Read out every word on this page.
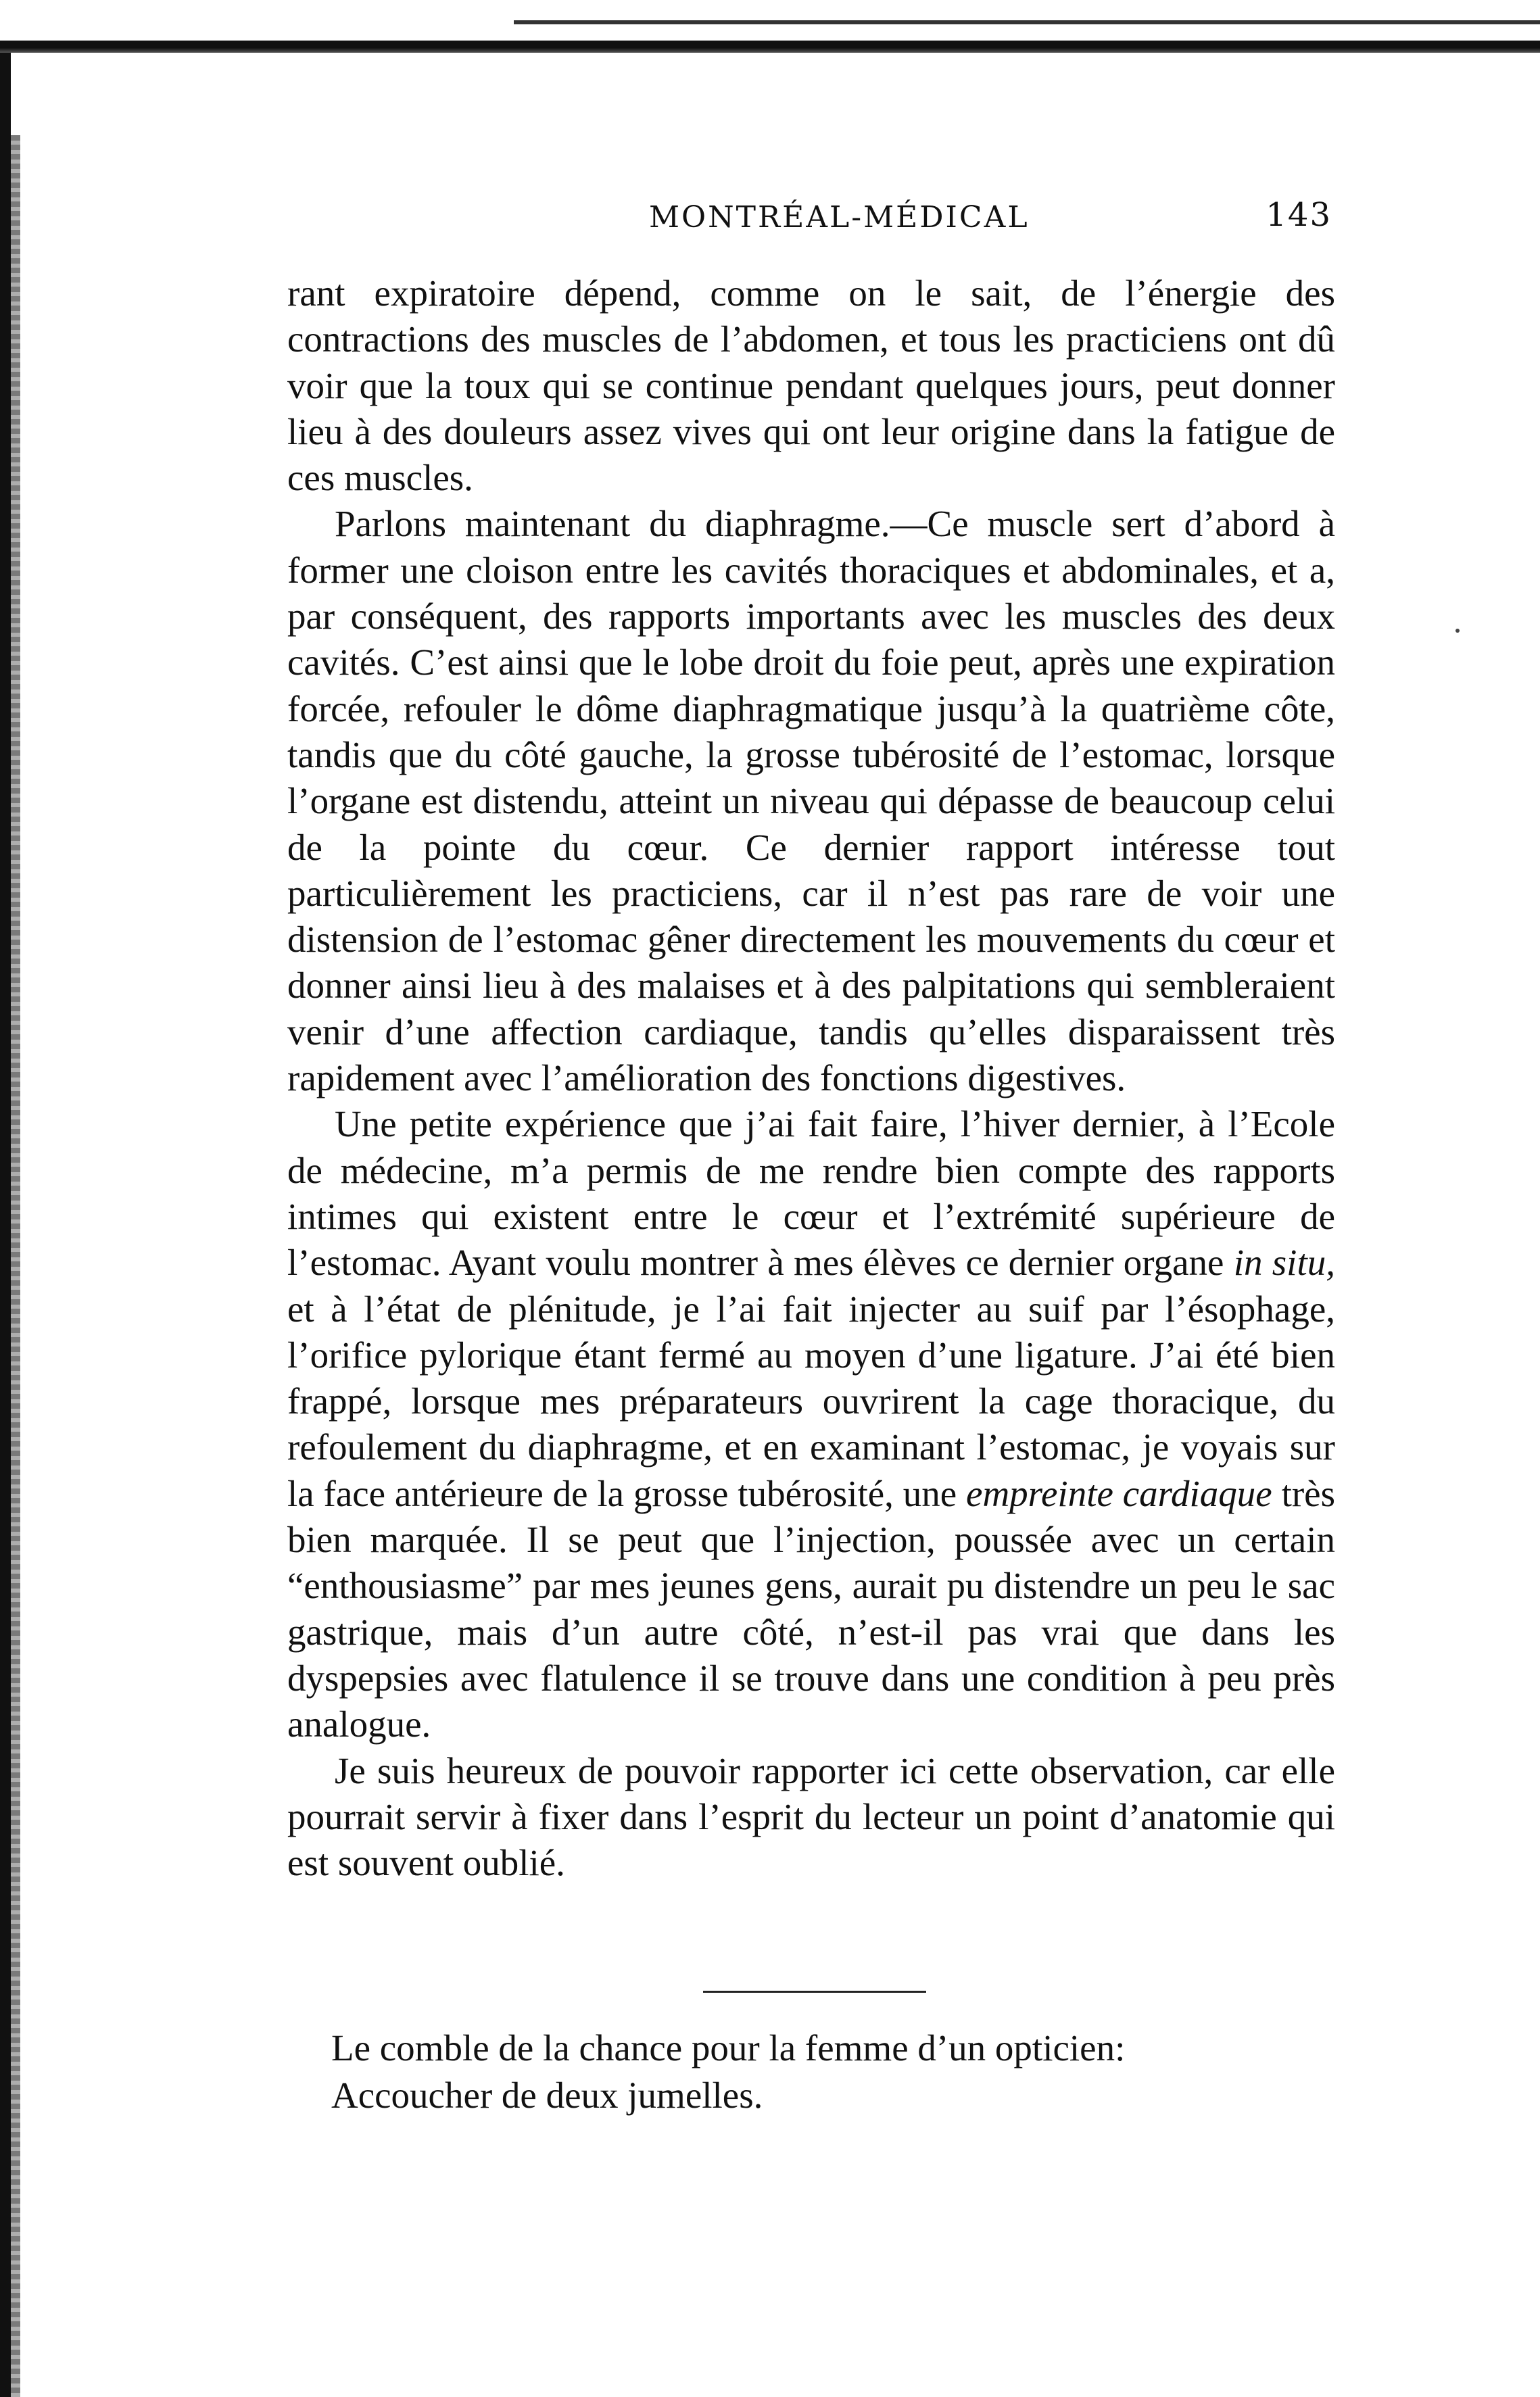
MONTRÉAL-MÉDICAL	143

rant expiratoire dépend, comme on le sait, de l’énergie des contractions des muscles de l’abdomen, et tous les practiciens ont dû voir que la toux qui se continue pendant quelques jours, peut donner lieu à des douleurs assez vives qui ont leur origine dans la fatigue de ces muscles.

Parlons maintenant du diaphragme.—Ce muscle sert d’abord à former une cloison entre les cavités thoraciques et abdominales, et a, par conséquent, des rapports importants avec les muscles des deux cavités. C’est ainsi que le lobe droit du foie peut, après une expiration forcée, refouler le dôme diaphragmatique jusqu’à la quatrième côte, tandis que du côté gauche, la grosse tubérosité de l’estomac, lorsque l’organe est distendu, atteint un niveau qui dépasse de beaucoup celui de la pointe du cœur. Ce dernier rapport intéresse tout particulièrement les practiciens, car il n’est pas rare de voir une distension de l’estomac gêner directement les mouvements du cœur et donner ainsi lieu à des malaises et à des palpitations qui sembleraient venir d’une affection cardiaque, tandis qu’elles disparaissent très rapidement avec l’amélioration des fonctions digestives.

Une petite expérience que j’ai fait faire, l’hiver dernier, à l’Ecole de médecine, m’a permis de me rendre bien compte des rapports intimes qui existent entre le cœur et l’extrémité supérieure de l’estomac. Ayant voulu montrer à mes élèves ce dernier organe in situ, et à l’état de plénitude, je l’ai fait injecter au suif par l’ésophage, l’orifice pylorique étant fermé au moyen d’une ligature. J’ai été bien frappé, lorsque mes préparateurs ouvrirent la cage thoracique, du refoulement du diaphragme, et en examinant l’estomac, je voyais sur la face antérieure de la grosse tubérosité, une empreinte cardiaque très bien marquée. Il se peut que l’injection, poussée avec un certain “enthousiasme” par mes jeunes gens, aurait pu distendre un peu le sac gastrique, mais d’un autre côté, n’est-il pas vrai que dans les dyspepsies avec flatulence il se trouve dans une condition à peu près analogue.

Je suis heureux de pouvoir rapporter ici cette observation, car elle pourrait servir à fixer dans l’esprit du lecteur un point d’anatomie qui est souvent oublié.

Le comble de la chance pour la femme d’un opticien:
Accoucher de deux jumelles.
